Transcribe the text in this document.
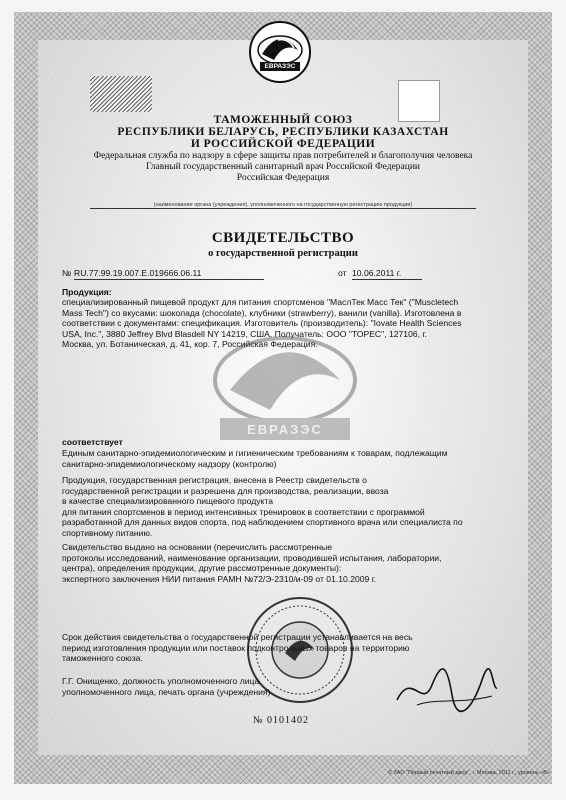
ЕВРАЗЭС
ТАМОЖЕННЫЙ СОЮЗ
РЕСПУБЛИКИ БЕЛАРУСЬ, РЕСПУБЛИКИ КАЗАХСТАН
И РОССИЙСКОЙ ФЕДЕРАЦИИ
Федеральная служба по надзору в сфере защиты прав потребителей и благополучия человека
Главный государственный санитарный врач Российской Федерации
Российская Федерация
(наименование органа (учреждения), уполномоченного на государственную регистрацию продукции)
СВИДЕТЕЛЬСТВО
о государственной регистрации
№ RU.77.99.19.007.Е.019666.06.11	от 10.06.2011 г.
Продукция:
специализированный пищевой продукт для питания спортсменов "МаслТек Масс Тек" ("Muscletech
Mass Tech") со вкусами: шоколада (chocolate), клубники (strawberry), ванили (vanilla). Изготовлена в
соответствии с документами: спецификация. Изготовитель (производитель): "Iovate Health Sciences
USA, Inc.", 3880 Jeffrey Blvd Blasdell NY 14219, США. Получатель: ООО "ТОРЕС", 127106, г.
Москва, ул. Ботаническая, д. 41, кор. 7, Российская Федерация.
ЕВРАЗЭС
соответствует
Единым санитарно-эпидемиологическим и гигиеническим требованиям к товарам, подлежащим
санитарно-эпидемиологическому надзору (контролю)
Продукция, государственная регистрация, внесена в Реестр свидетельств о
государственной регистрации и разрешена для производства, реализации, ввоза
в качестве специализированного пищевого продукта
для питания спортсменов в период интенсивных тренировок в соответствии с программой
разработанной для данных видов спорта, под наблюдением спортивного врача или специалиста по
спортивному питанию.
Свидетельство выдано на основании (перечислить рассмотренные
протоколы исследований, наименование организации, проводившей испытания, лаборатории,
центра), определения продукции, другие рассмотренные документы):
экспертного заключения НИИ питания РАМН №72/Э-2310/и-09 от 01.10.2009 г.
Срок действия свидетельства о государственной регистрации устанавливается на весь
период изготовления продукции или поставок подконтрольных товаров на территорию
таможенного союза.
Г.Г. Онищенко, должность уполномоченного лица
уполномоченного лица, печать органа (учреждения)
№ 0101402
© ЗАО "Первый печатный двор", г. Москва, 2011 г., уровень «В»
